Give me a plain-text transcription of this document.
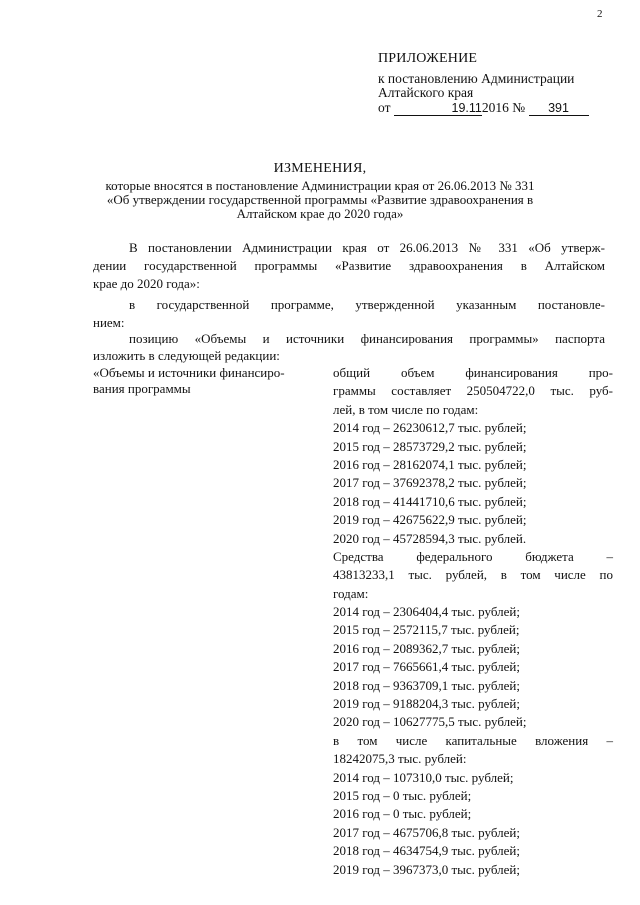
2
ПРИЛОЖЕНИЕ
к постановлению Администрации
Алтайского края
от	19.112016 № 391
ИЗМЕНЕНИЯ,
которые вносятся в постановление Администрации края от 26.06.2013 № 331
«Об утверждении государственной программы «Развитие здравоохранения в
Алтайском крае до 2020 года»
В постановлении Администрации края от 26.06.2013 № 331 «Об утверж-
дении государственной программы «Развитие здравоохранения в Алтайском
крае до 2020 года»:
в государственной программе, утвержденной указанным постановле-
нием:
позицию «Объемы и источники финансирования программы» паспорта
изложить в следующей редакции:
«Объемы и источники финансиро-
вания программы
общий объем финансирования про-
граммы составляет 250504722,0 тыс. руб-
лей, в том числе по годам:
2014 год – 26230612,7 тыс. рублей;
2015 год – 28573729,2 тыс. рублей;
2016 год – 28162074,1 тыс. рублей;
2017 год – 37692378,2 тыс. рублей;
2018 год – 41441710,6 тыс. рублей;
2019 год – 42675622,9 тыс. рублей;
2020 год – 45728594,3 тыс. рублей.
Средства федерального бюджета –
43813233,1 тыс. рублей, в том числе по
годам:
2014 год – 2306404,4 тыс. рублей;
2015 год – 2572115,7 тыс. рублей;
2016 год – 2089362,7 тыс. рублей;
2017 год – 7665661,4 тыс. рублей;
2018 год – 9363709,1 тыс. рублей;
2019 год – 9188204,3 тыс. рублей;
2020 год – 10627775,5 тыс. рублей;
в том числе капитальные вложения –
18242075,3 тыс. рублей:
2014 год – 107310,0 тыс. рублей;
2015 год – 0 тыс. рублей;
2016 год – 0 тыс. рублей;
2017 год – 4675706,8 тыс. рублей;
2018 год – 4634754,9 тыс. рублей;
2019 год – 3967373,0 тыс. рублей;
